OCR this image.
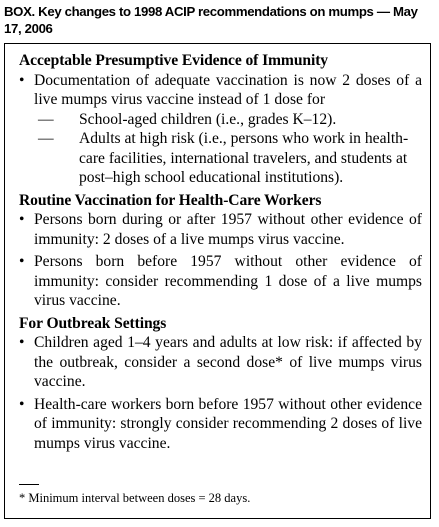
BOX. Key changes to 1998 ACIP recommendations on mumps — May 17, 2006

Acceptable Presumptive Evidence of Immunity

• Documentation of adequate vaccination is now 2 doses of a live mumps virus vaccine instead of 1 dose for
— School-aged children (i.e., grades K–12).
— Adults at high risk (i.e., persons who work in health-care facilities, international travelers, and students at post–high school educational institutions).

Routine Vaccination for Health-Care Workers

• Persons born during or after 1957 without other evidence of immunity: 2 doses of a live mumps virus vaccine.
• Persons born before 1957 without other evidence of immunity: consider recommending 1 dose of a live mumps virus vaccine.

For Outbreak Settings

• Children aged 1–4 years and adults at low risk: if affected by the outbreak, consider a second dose* of live mumps virus vaccine.
• Health-care workers born before 1957 without other evidence of immunity: strongly consider recommending 2 doses of live mumps virus vaccine.
* Minimum interval between doses = 28 days.
